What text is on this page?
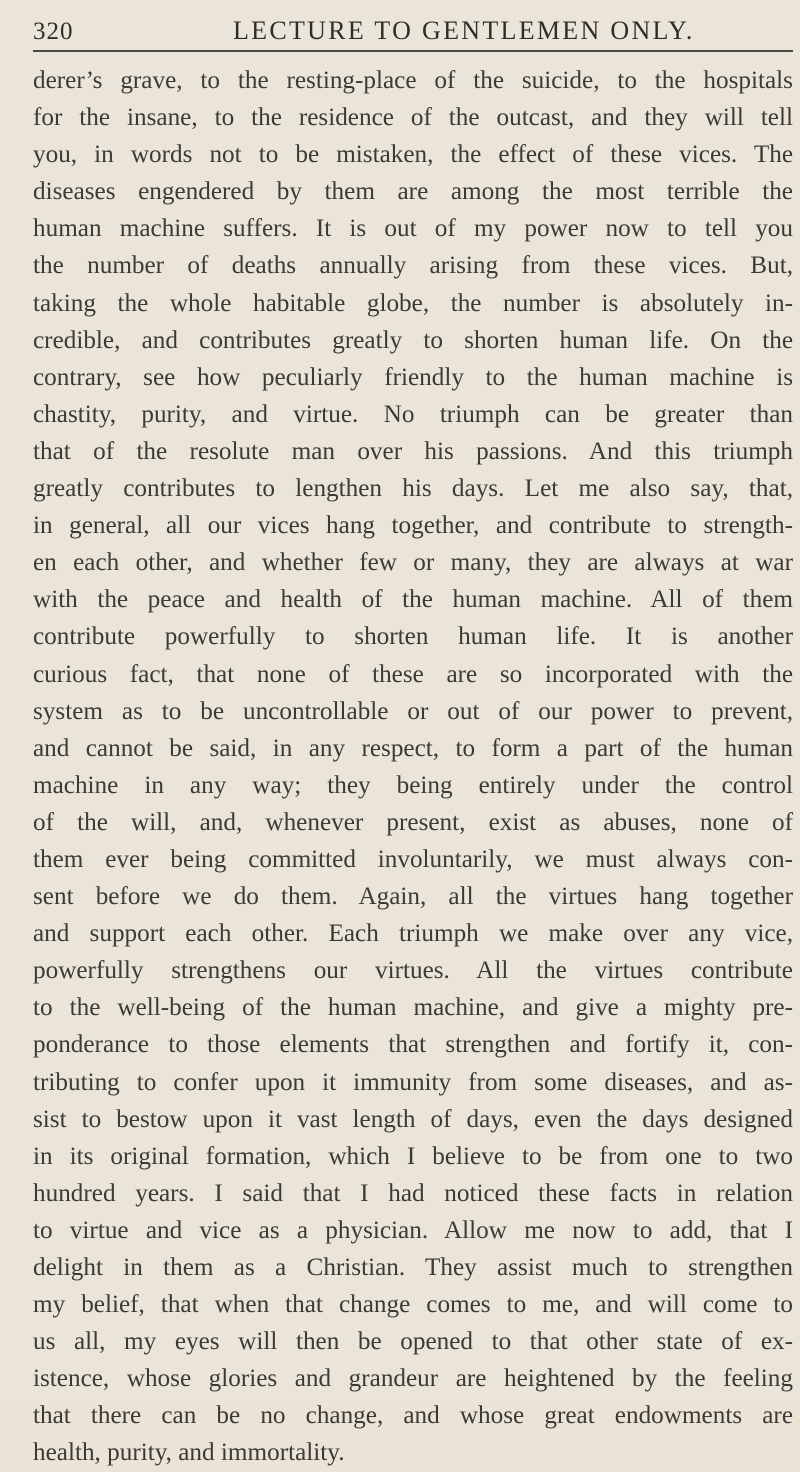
320	LECTURE TO GENTLEMEN ONLY.
derer’s grave, to the resting-place of the suicide, to the hospitals
for the insane, to the residence of the outcast, and they will tell
you, in words not to be mistaken, the effect of these vices. The
diseases engendered by them are among the most terrible the
human machine suffers. It is out of my power now to tell you
the number of deaths annually arising from these vices. But,
taking the whole habitable globe, the number is absolutely in-
credible, and contributes greatly to shorten human life. On the
contrary, see how peculiarly friendly to the human machine is
chastity, purity, and virtue. No triumph can be greater than
that of the resolute man over his passions. And this triumph
greatly contributes to lengthen his days. Let me also say, that,
in general, all our vices hang together, and contribute to strength-
en each other, and whether few or many, they are always at war
with the peace and health of the human machine. All of them
contribute powerfully to shorten human life. It is another
curious fact, that none of these are so incorporated with the
system as to be uncontrollable or out of our power to prevent,
and cannot be said, in any respect, to form a part of the human
machine in any way; they being entirely under the control
of the will, and, whenever present, exist as abuses, none of
them ever being committed involuntarily, we must always con-
sent before we do them. Again, all the virtues hang together
and support each other. Each triumph we make over any vice,
powerfully strengthens our virtues. All the virtues contribute
to the well-being of the human machine, and give a mighty pre-
ponderance to those elements that strengthen and fortify it, con-
tributing to confer upon it immunity from some diseases, and as-
sist to bestow upon it vast length of days, even the days designed
in its original formation, which I believe to be from one to two
hundred years. I said that I had noticed these facts in relation
to virtue and vice as a physician. Allow me now to add, that I
delight in them as a Christian. They assist much to strengthen
my belief, that when that change comes to me, and will come to
us all, my eyes will then be opened to that other state of ex-
istence, whose glories and grandeur are heightened by the feeling
that there can be no change, and whose great endowments are
health, purity, and immortality.
